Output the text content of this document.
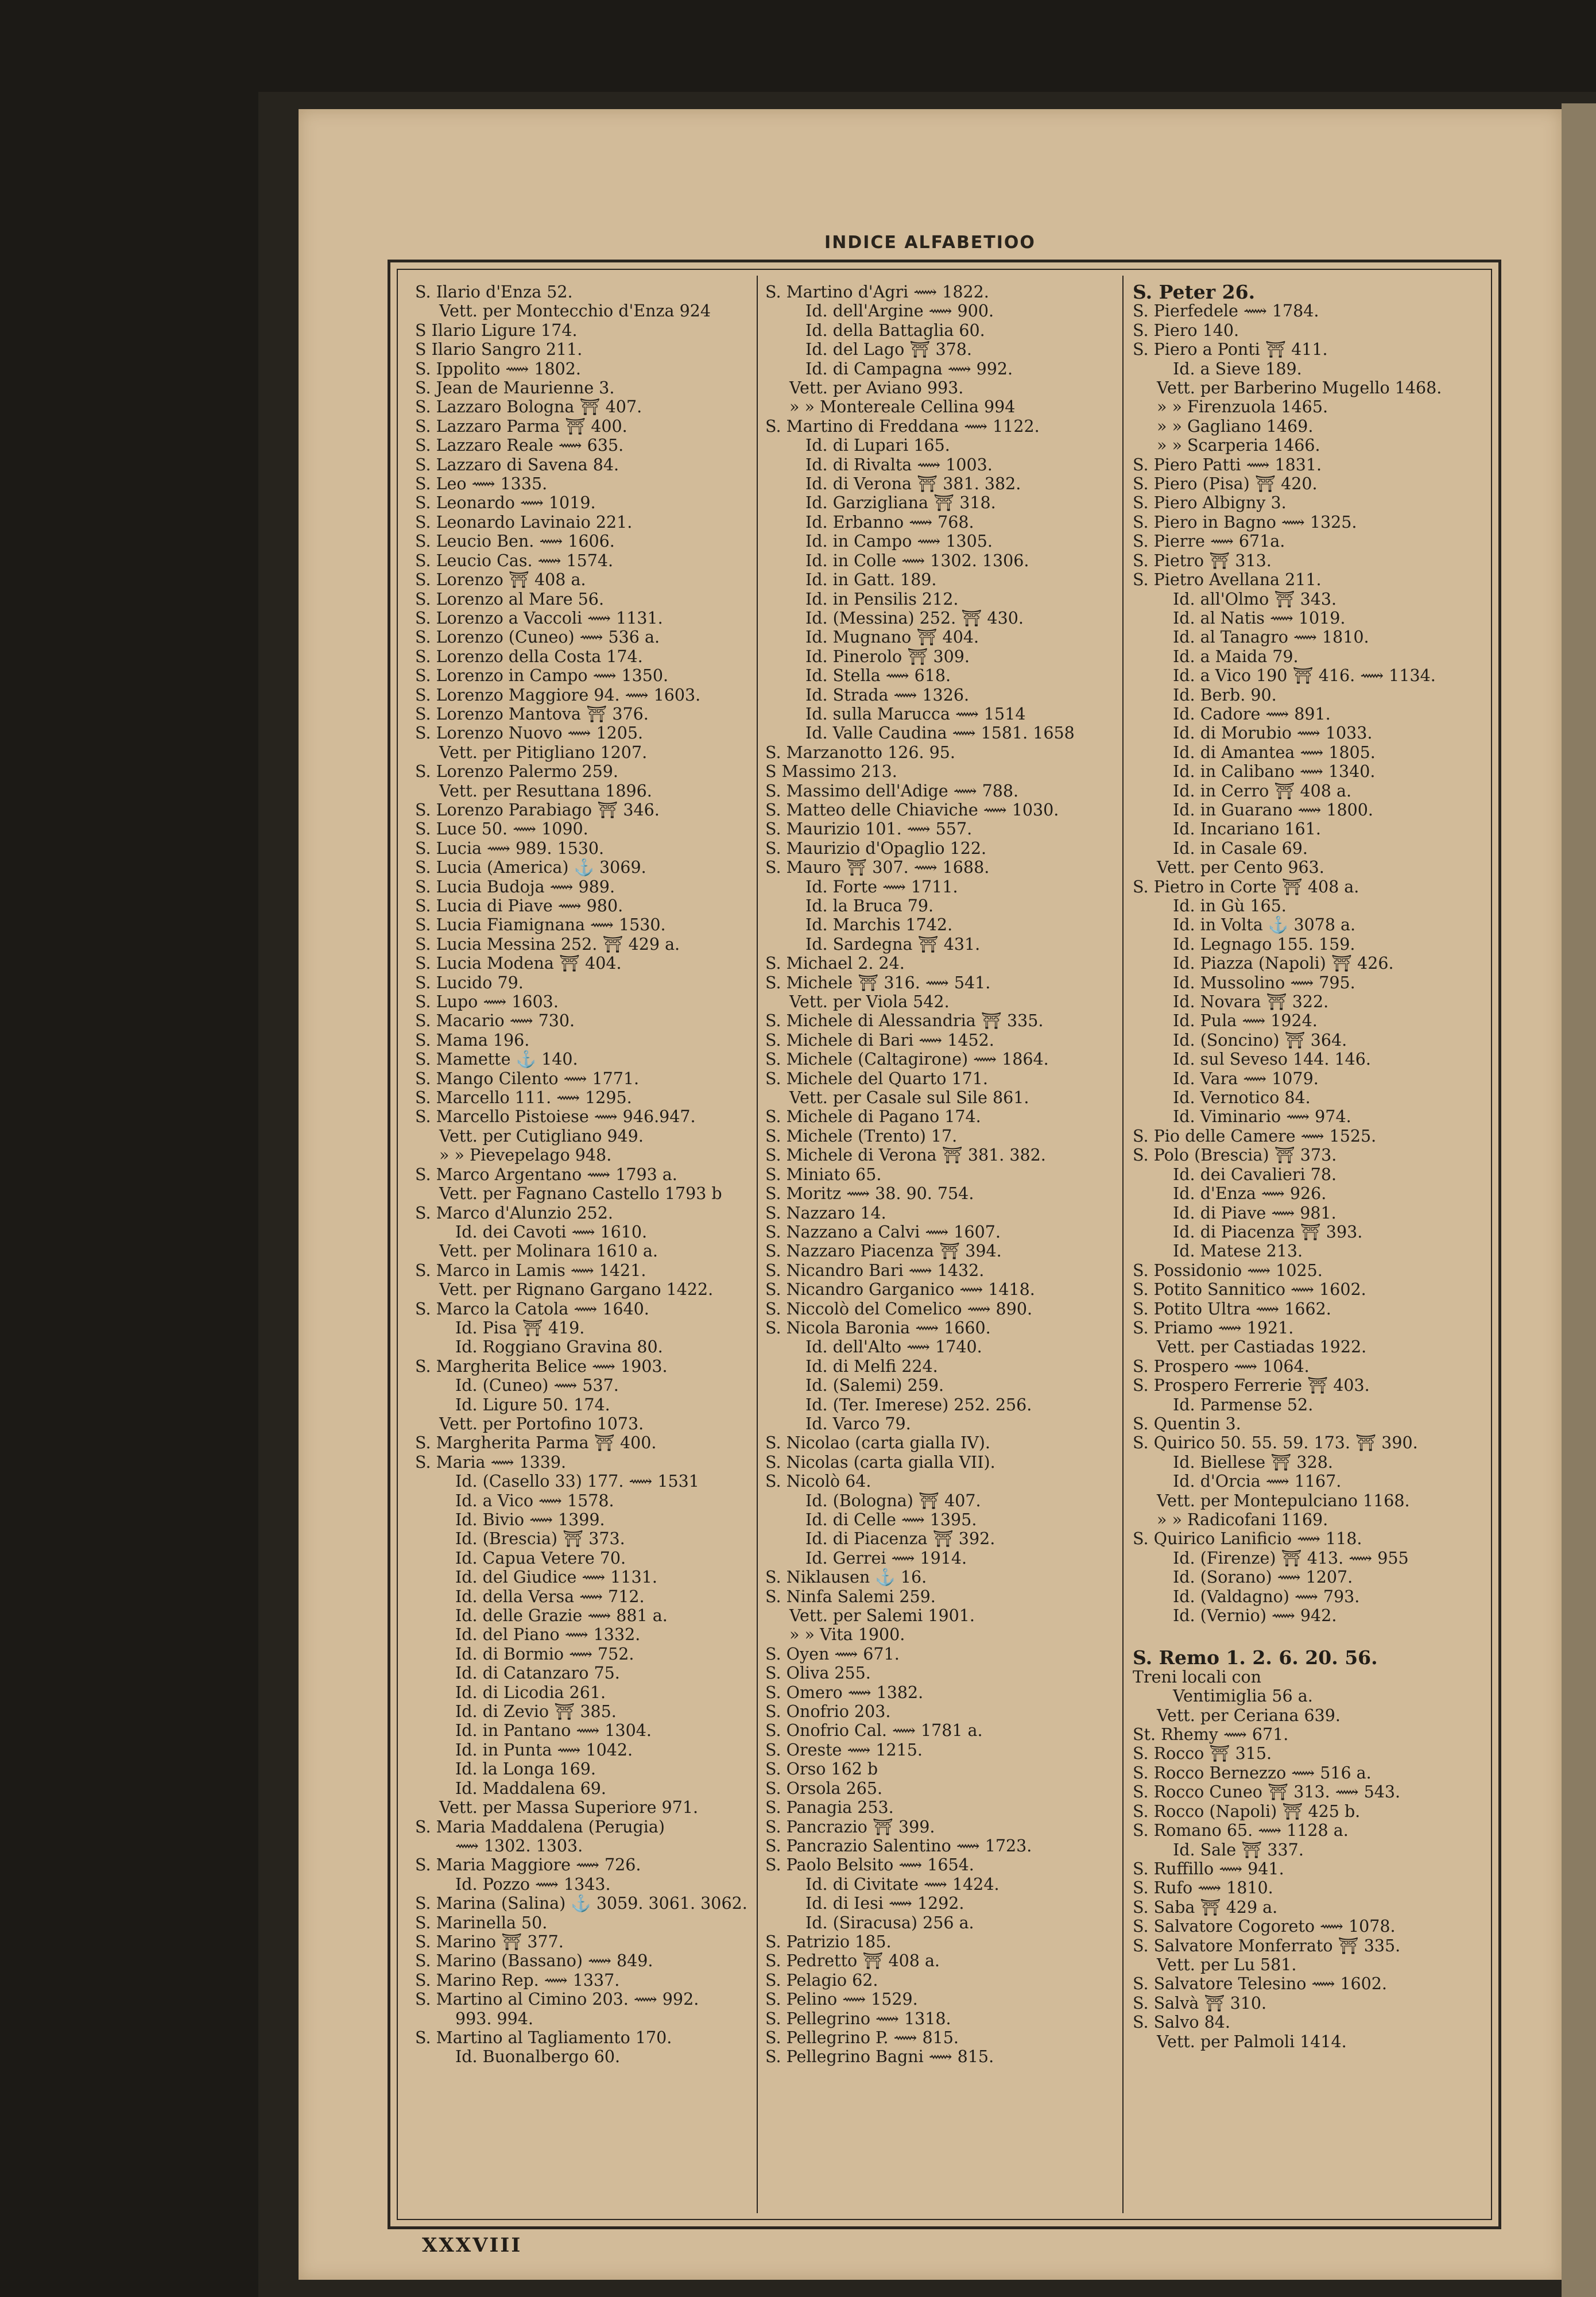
INDICE ALFABETIOO
S. Ilario d'Enza 52.
Vett. per Montecchio d'Enza 924
S Ilario Ligure 174.
S Ilario Sangro 211.
S. Ippolito ⟿ 1802.
S. Jean de Maurienne 3.
S. Lazzaro Bologna ⛩ 407.
S. Lazzaro Parma ⛩ 400.
S. Lazzaro Reale ⟿ 635.
S. Lazzaro di Savena 84.
S. Leo ⟿ 1335.
S. Leonardo ⟿ 1019.
S. Leonardo Lavinaio 221.
S. Leucio Ben. ⟿ 1606.
S. Leucio Cas. ⟿ 1574.
S. Lorenzo ⛩ 408 a.
S. Lorenzo al Mare 56.
S. Lorenzo a Vaccoli ⟿ 1131.
S. Lorenzo (Cuneo) ⟿ 536 a.
S. Lorenzo della Costa 174.
S. Lorenzo in Campo ⟿ 1350.
S. Lorenzo Maggiore 94. ⟿ 1603.
S. Lorenzo Mantova ⛩ 376.
S. Lorenzo Nuovo ⟿ 1205.
Vett. per Pitigliano 1207.
S. Lorenzo Palermo 259.
Vett. per Resuttana 1896.
S. Lorenzo Parabiago ⛩ 346.
S. Luce 50. ⟿ 1090.
S. Lucia ⟿ 989. 1530.
S. Lucia (America) ⚓ 3069.
S. Lucia Budoja ⟿ 989.
S. Lucia di Piave ⟿ 980.
S. Lucia Fiamignana ⟿ 1530.
S. Lucia Messina 252. ⛩ 429 a.
S. Lucia Modena ⛩ 404.
S. Lucido 79.
S. Lupo ⟿ 1603.
S. Macario ⟿ 730.
S. Mama 196.
S. Mamette ⚓ 140.
S. Mango Cilento ⟿ 1771.
S. Marcello 111. ⟿ 1295.
S. Marcello Pistoiese ⟿ 946.947.
Vett. per Cutigliano 949.
» » Pievepelago 948.
S. Marco Argentano ⟿ 1793 a.
Vett. per Fagnano Castello 1793 b
S. Marco d'Alunzio 252.
Id. dei Cavoti ⟿ 1610.
Vett. per Molinara 1610 a.
S. Marco in Lamis ⟿ 1421.
Vett. per Rignano Gargano 1422.
S. Marco la Catola ⟿ 1640.
Id. Pisa ⛩ 419.
Id. Roggiano Gravina 80.
S. Margherita Belice ⟿ 1903.
Id. (Cuneo) ⟿ 537.
Id. Ligure 50. 174.
Vett. per Portofino 1073.
S. Margherita Parma ⛩ 400.
S. Maria ⟿ 1339.
Id. (Casello 33) 177. ⟿ 1531
Id. a Vico ⟿ 1578.
Id. Bivio ⟿ 1399.
Id. (Brescia) ⛩ 373.
Id. Capua Vetere 70.
Id. del Giudice ⟿ 1131.
Id. della Versa ⟿ 712.
Id. delle Grazie ⟿ 881 a.
Id. del Piano ⟿ 1332.
Id. di Bormio ⟿ 752.
Id. di Catanzaro 75.
Id. di Licodia 261.
Id. di Zevio ⛩ 385.
Id. in Pantano ⟿ 1304.
Id. in Punta ⟿ 1042.
Id. la Longa 169.
Id. Maddalena 69.
Vett. per Massa Superiore 971.
S. Maria Maddalena (Perugia)
⟿ 1302. 1303.
S. Maria Maggiore ⟿ 726.
Id. Pozzo ⟿ 1343.
S. Marina (Salina) ⚓ 3059. 3061. 3062.
S. Marinella 50.
S. Marino ⛩ 377.
S. Marino (Bassano) ⟿ 849.
S. Marino Rep. ⟿ 1337.
S. Martino al Cimino 203. ⟿ 992.
993. 994.
S. Martino al Tagliamento 170.
Id. Buonalbergo 60.
S. Martino d'Agri ⟿ 1822.
Id. dell'Argine ⟿ 900.
Id. della Battaglia 60.
Id. del Lago ⛩ 378.
Id. di Campagna ⟿ 992.
Vett. per Aviano 993.
» » Montereale Cellina 994
S. Martino di Freddana ⟿ 1122.
Id. di Lupari 165.
Id. di Rivalta ⟿ 1003.
Id. di Verona ⛩ 381. 382.
Id. Garzigliana ⛩ 318.
Id. Erbanno ⟿ 768.
Id. in Campo ⟿ 1305.
Id. in Colle ⟿ 1302. 1306.
Id. in Gatt. 189.
Id. in Pensilis 212.
Id. (Messina) 252. ⛩ 430.
Id. Mugnano ⛩ 404.
Id. Pinerolo ⛩ 309.
Id. Stella ⟿ 618.
Id. Strada ⟿ 1326.
Id. sulla Marucca ⟿ 1514
Id. Valle Caudina ⟿ 1581. 1658
S. Marzanotto 126. 95.
S Massimo 213.
S. Massimo dell'Adige ⟿ 788.
S. Matteo delle Chiaviche ⟿ 1030.
S. Maurizio 101. ⟿ 557.
S. Maurizio d'Opaglio 122.
S. Mauro ⛩ 307. ⟿ 1688.
Id. Forte ⟿ 1711.
Id. la Bruca 79.
Id. Marchis 1742.
Id. Sardegna ⛩ 431.
S. Michael 2. 24.
S. Michele ⛩ 316. ⟿ 541.
Vett. per Viola 542.
S. Michele di Alessandria ⛩ 335.
S. Michele di Bari ⟿ 1452.
S. Michele (Caltagirone) ⟿ 1864.
S. Michele del Quarto 171.
Vett. per Casale sul Sile 861.
S. Michele di Pagano 174.
S. Michele (Trento) 17.
S. Michele di Verona ⛩ 381. 382.
S. Miniato 65.
S. Moritz ⟿ 38. 90. 754.
S. Nazzaro 14.
S. Nazzano a Calvi ⟿ 1607.
S. Nazzaro Piacenza ⛩ 394.
S. Nicandro Bari ⟿ 1432.
S. Nicandro Garganico ⟿ 1418.
S. Niccolò del Comelico ⟿ 890.
S. Nicola Baronia ⟿ 1660.
Id. dell'Alto ⟿ 1740.
Id. di Melfi 224.
Id. (Salemi) 259.
Id. (Ter. Imerese) 252. 256.
Id. Varco 79.
S. Nicolao (carta gialla IV).
S. Nicolas (carta gialla VII).
S. Nicolò 64.
Id. (Bologna) ⛩ 407.
Id. di Celle ⟿ 1395.
Id. di Piacenza ⛩ 392.
Id. Gerrei ⟿ 1914.
S. Niklausen ⚓ 16.
S. Ninfa Salemi 259.
Vett. per Salemi 1901.
» » Vita 1900.
S. Oyen ⟿ 671.
S. Oliva 255.
S. Omero ⟿ 1382.
S. Onofrio 203.
S. Onofrio Cal. ⟿ 1781 a.
S. Oreste ⟿ 1215.
S. Orso 162 b
S. Orsola 265.
S. Panagia 253.
S. Pancrazio ⛩ 399.
S. Pancrazio Salentino ⟿ 1723.
S. Paolo Belsito ⟿ 1654.
Id. di Civitate ⟿ 1424.
Id. di Iesi ⟿ 1292.
Id. (Siracusa) 256 a.
S. Patrizio 185.
S. Pedretto ⛩ 408 a.
S. Pelagio 62.
S. Pelino ⟿ 1529.
S. Pellegrino ⟿ 1318.
S. Pellegrino P. ⟿ 815.
S. Pellegrino Bagni ⟿ 815.
S. Peter 26.
S. Pierfedele ⟿ 1784.
S. Piero 140.
S. Piero a Ponti ⛩ 411.
Id. a Sieve 189.
Vett. per Barberino Mugello 1468.
» » Firenzuola 1465.
» » Gagliano 1469.
» » Scarperia 1466.
S. Piero Patti ⟿ 1831.
S. Piero (Pisa) ⛩ 420.
S. Piero Albigny 3.
S. Piero in Bagno ⟿ 1325.
S. Pierre ⟿ 671a.
S. Pietro ⛩ 313.
S. Pietro Avellana 211.
Id. all'Olmo ⛩ 343.
Id. al Natis ⟿ 1019.
Id. al Tanagro ⟿ 1810.
Id. a Maida 79.
Id. a Vico 190 ⛩ 416. ⟿ 1134.
Id. Berb. 90.
Id. Cadore ⟿ 891.
Id. di Morubio ⟿ 1033.
Id. di Amantea ⟿ 1805.
Id. in Calibano ⟿ 1340.
Id. in Cerro ⛩ 408 a.
Id. in Guarano ⟿ 1800.
Id. Incariano 161.
Id. in Casale 69.
Vett. per Cento 963.
S. Pietro in Corte ⛩ 408 a.
Id. in Gù 165.
Id. in Volta ⚓ 3078 a.
Id. Legnago 155. 159.
Id. Piazza (Napoli) ⛩ 426.
Id. Mussolino ⟿ 795.
Id. Novara ⛩ 322.
Id. Pula ⟿ 1924.
Id. (Soncino) ⛩ 364.
Id. sul Seveso 144. 146.
Id. Vara ⟿ 1079.
Id. Vernotico 84.
Id. Viminario ⟿ 974.
S. Pio delle Camere ⟿ 1525.
S. Polo (Brescia) ⛩ 373.
Id. dei Cavalieri 78.
Id. d'Enza ⟿ 926.
Id. di Piave ⟿ 981.
Id. di Piacenza ⛩ 393.
Id. Matese 213.
S. Possidonio ⟿ 1025.
S. Potito Sannitico ⟿ 1602.
S. Potito Ultra ⟿ 1662.
S. Priamo ⟿ 1921.
Vett. per Castiadas 1922.
S. Prospero ⟿ 1064.
S. Prospero Ferrerie ⛩ 403.
Id. Parmense 52.
S. Quentin 3.
S. Quirico 50. 55. 59. 173. ⛩ 390.
Id. Biellese ⛩ 328.
Id. d'Orcia ⟿ 1167.
Vett. per Montepulciano 1168.
» » Radicofani 1169.
S. Quirico Lanificio ⟿ 118.
Id. (Firenze) ⛩ 413. ⟿ 955
Id. (Sorano) ⟿ 1207.
Id. (Valdagno) ⟿ 793.
Id. (Vernio) ⟿ 942.
S. Remo 1. 2. 6. 20. 56.
Treni locali con
Ventimiglia 56 a.
Vett. per Ceriana 639.
St. Rhemy ⟿ 671.
S. Rocco ⛩ 315.
S. Rocco Bernezzo ⟿ 516 a.
S. Rocco Cuneo ⛩ 313. ⟿ 543.
S. Rocco (Napoli) ⛩ 425 b.
S. Romano 65. ⟿ 1128 a.
Id. Sale ⛩ 337.
S. Ruffillo ⟿ 941.
S. Rufo ⟿ 1810.
S. Saba ⛩ 429 a.
S. Salvatore Cogoreto ⟿ 1078.
S. Salvatore Monferrato ⛩ 335.
Vett. per Lu 581.
S. Salvatore Telesino ⟿ 1602.
S. Salvà ⛩ 310.
S. Salvo 84.
Vett. per Palmoli 1414.
XXXVIII
